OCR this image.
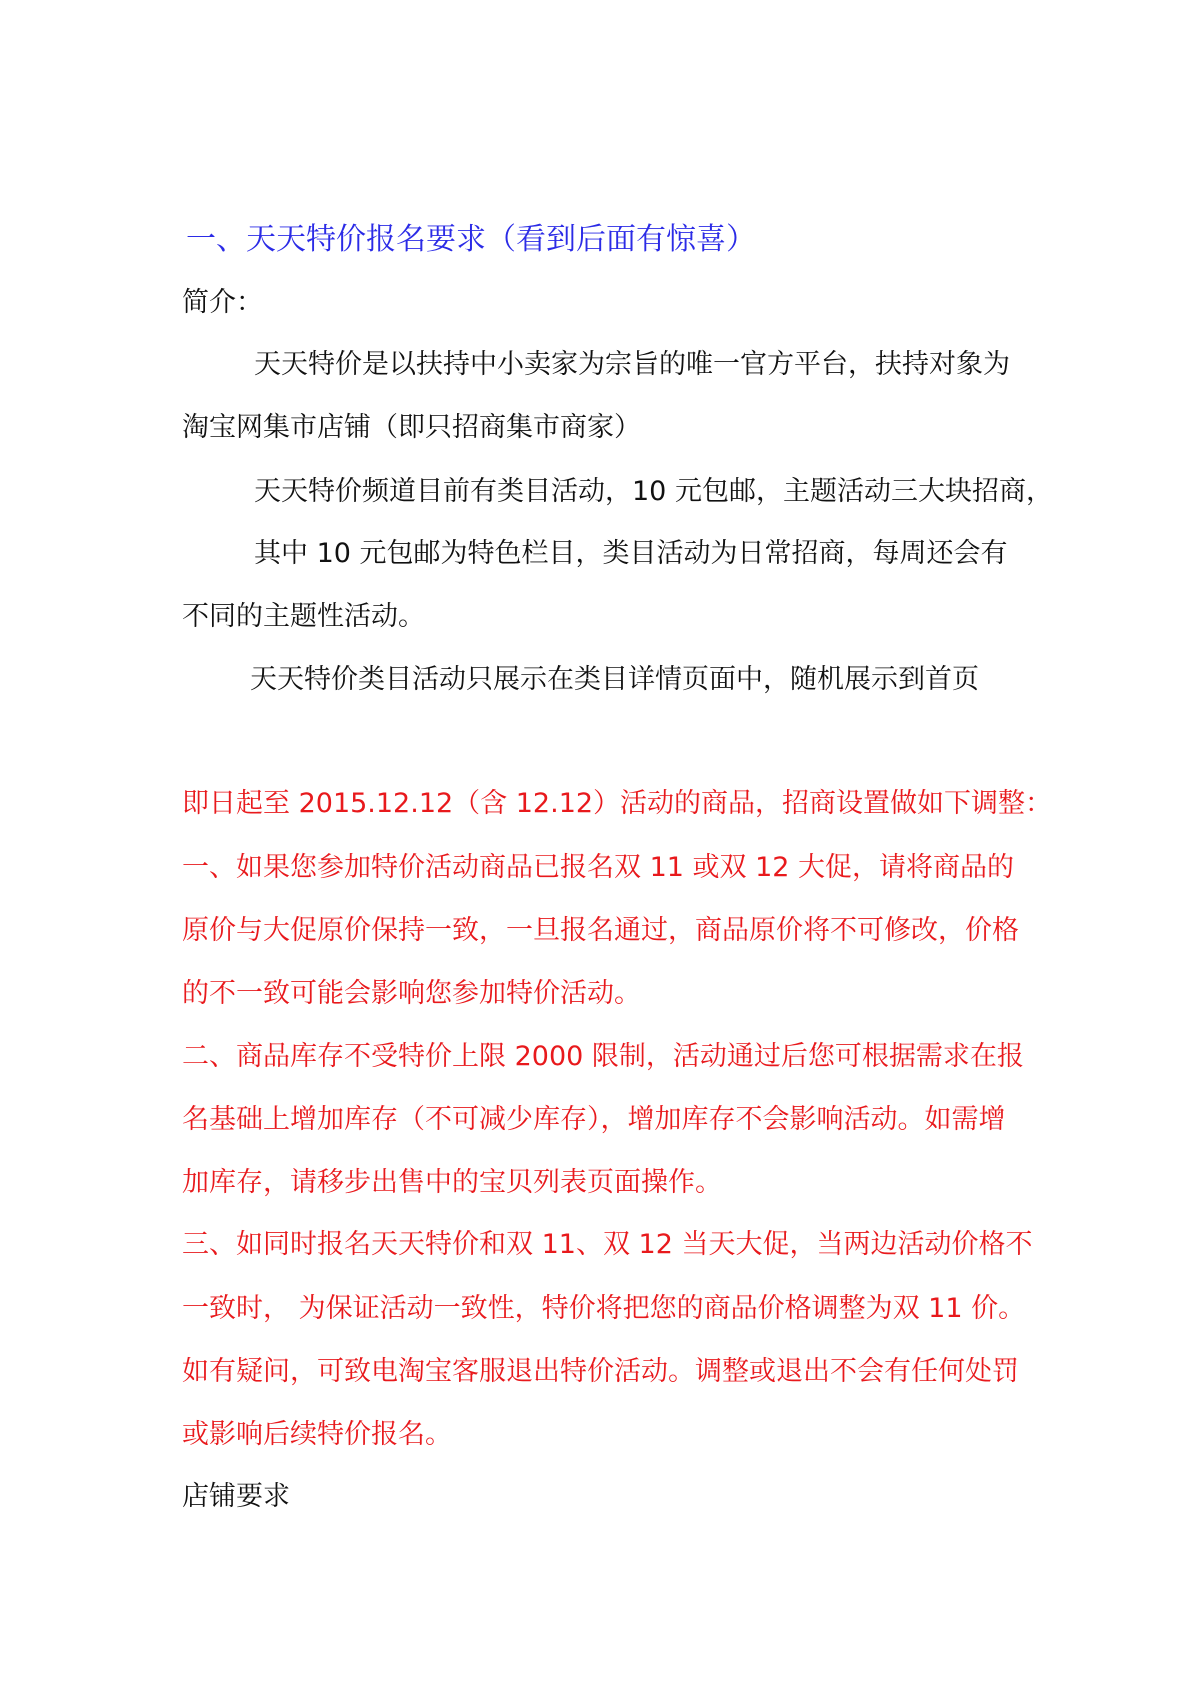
一、天天特价报名要求（看到后面有惊喜）
简介：
天天特价是以扶持中小卖家为宗旨的唯一官方平台，扶持对象为
淘宝网集市店铺（即只招商集市商家）
天天特价频道目前有类目活动，10 元包邮，主题活动三大块招商，
其中 10 元包邮为特色栏目，类目活动为日常招商，每周还会有
不同的主题性活动。
天天特价类目活动只展示在类目详情页面中，随机展示到首页
即日起至 2015.12.12（含 12.12）活动的商品，招商设置做如下调整：
一、如果您参加特价活动商品已报名双 11 或双 12 大促，请将商品的
原价与大促原价保持一致，一旦报名通过，商品原价将不可修改，价格
的不一致可能会影响您参加特价活动。
二、商品库存不受特价上限 2000 限制，活动通过后您可根据需求在报
名基础上增加库存（不可减少库存），增加库存不会影响活动。如需增
加库存，请移步出售中的宝贝列表页面操作。
三、如同时报名天天特价和双 11、双 12 当天大促，当两边活动价格不
一致时， 为保证活动一致性，特价将把您的商品价格调整为双 11 价。
如有疑问，可致电淘宝客服退出特价活动。调整或退出不会有任何处罚
或影响后续特价报名。
店铺要求
